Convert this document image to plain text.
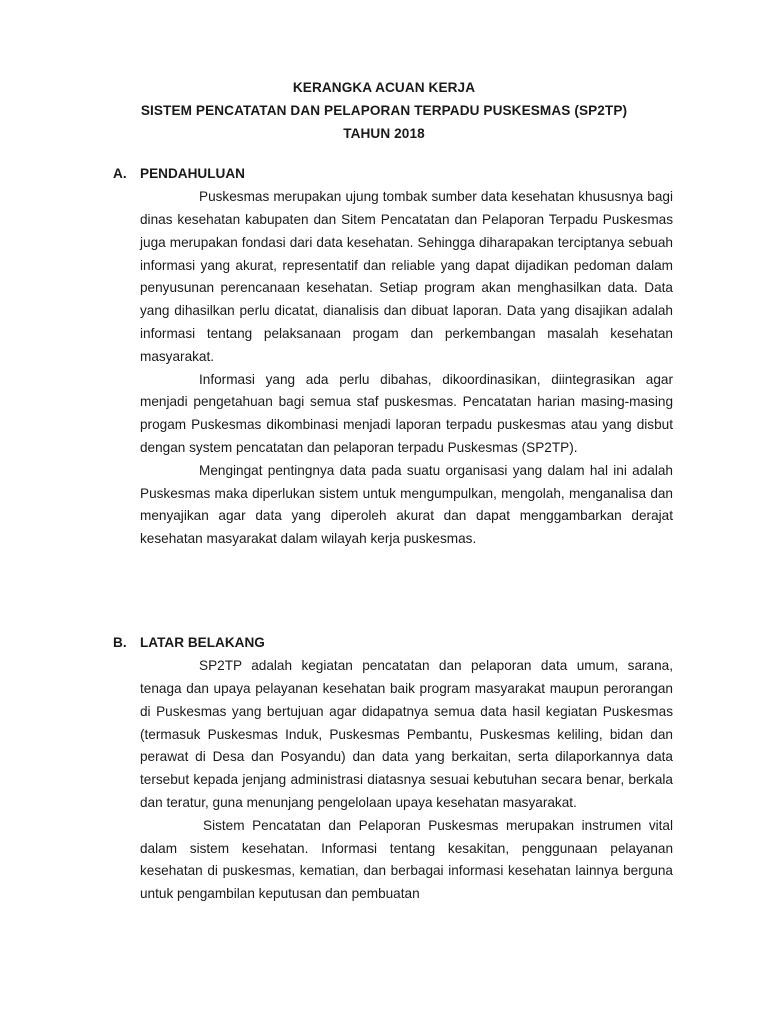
KERANGKA ACUAN KERJA
SISTEM PENCATATAN DAN PELAPORAN TERPADU PUSKESMAS (SP2TP)
TAHUN 2018
A. PENDAHULUAN

Puskesmas merupakan ujung tombak sumber data kesehatan khususnya bagi dinas kesehatan kabupaten dan Sitem Pencatatan dan Pelaporan Terpadu Puskesmas juga merupakan fondasi dari data kesehatan. Sehingga diharapakan terciptanya sebuah informasi yang akurat, representatif dan reliable yang dapat dijadikan pedoman dalam penyusunan perencanaan kesehatan. Setiap program akan menghasilkan data. Data yang dihasilkan perlu dicatat, dianalisis dan dibuat laporan. Data yang disajikan adalah informasi tentang pelaksanaan progam dan perkembangan masalah kesehatan masyarakat.

Informasi yang ada perlu dibahas, dikoordinasikan, diintegrasikan agar menjadi pengetahuan bagi semua staf puskesmas. Pencatatan harian masing-masing progam Puskesmas dikombinasi menjadi laporan terpadu puskesmas atau yang disbut dengan system pencatatan dan pelaporan terpadu Puskesmas (SP2TP).

Mengingat pentingnya data pada suatu organisasi yang dalam hal ini adalah Puskesmas maka diperlukan sistem untuk mengumpulkan, mengolah, menganalisa dan menyajikan agar data yang diperoleh akurat dan dapat menggambarkan derajat kesehatan masyarakat dalam wilayah kerja puskesmas.

B. LATAR BELAKANG

SP2TP adalah kegiatan pencatatan dan pelaporan data umum, sarana, tenaga dan upaya pelayanan kesehatan baik program masyarakat maupun perorangan di Puskesmas yang bertujuan agar didapatnya semua data hasil kegiatan Puskesmas (termasuk Puskesmas Induk, Puskesmas Pembantu, Puskesmas keliling, bidan dan perawat di Desa dan Posyandu) dan data yang berkaitan, serta dilaporkannya data tersebut kepada jenjang administrasi diatasnya sesuai kebutuhan secara benar, berkala dan teratur, guna menunjang pengelolaan upaya kesehatan masyarakat.

Sistem Pencatatan dan Pelaporan Puskesmas merupakan instrumen vital dalam sistem kesehatan. Informasi tentang kesakitan, penggunaan pelayanan kesehatan di puskesmas, kematian, dan berbagai informasi kesehatan lainnya berguna untuk pengambilan keputusan dan pembuatan
